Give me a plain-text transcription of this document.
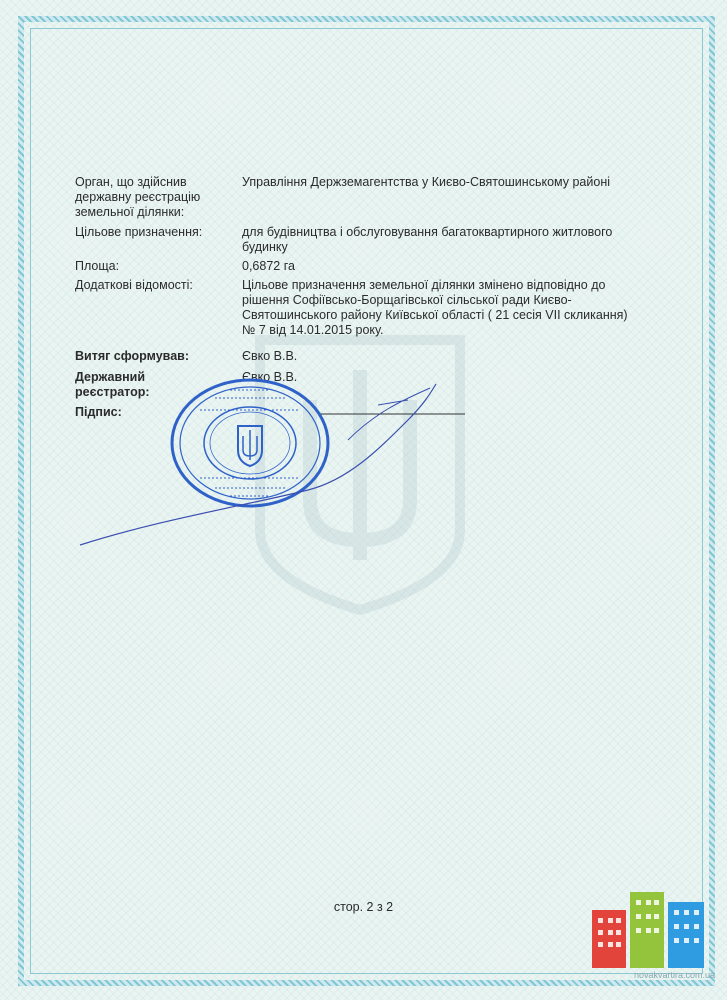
Орган, що здійснив державну реєстрацію земельної ділянки:
Управління Держземагентства у Києво-Святошинському районі
Цільове призначення:	для будівництва і обслуговування багатоквартирного житлового будинку
Площа:	0,6872 га
Додаткові відомості:	Цільове призначення земельної ділянки змінено відповідно до рішення Софіївсько-Борщагівської сільської ради Києво-Святошинського району Київської області ( 21 сесія VII скликання) № 7 від 14.01.2015 року.
Витяг сформував:	Євко В.В.
Державний реєстратор:
Євко В.В.
Підпис:
стор. 2 з 2
novakvartira.com.ua
